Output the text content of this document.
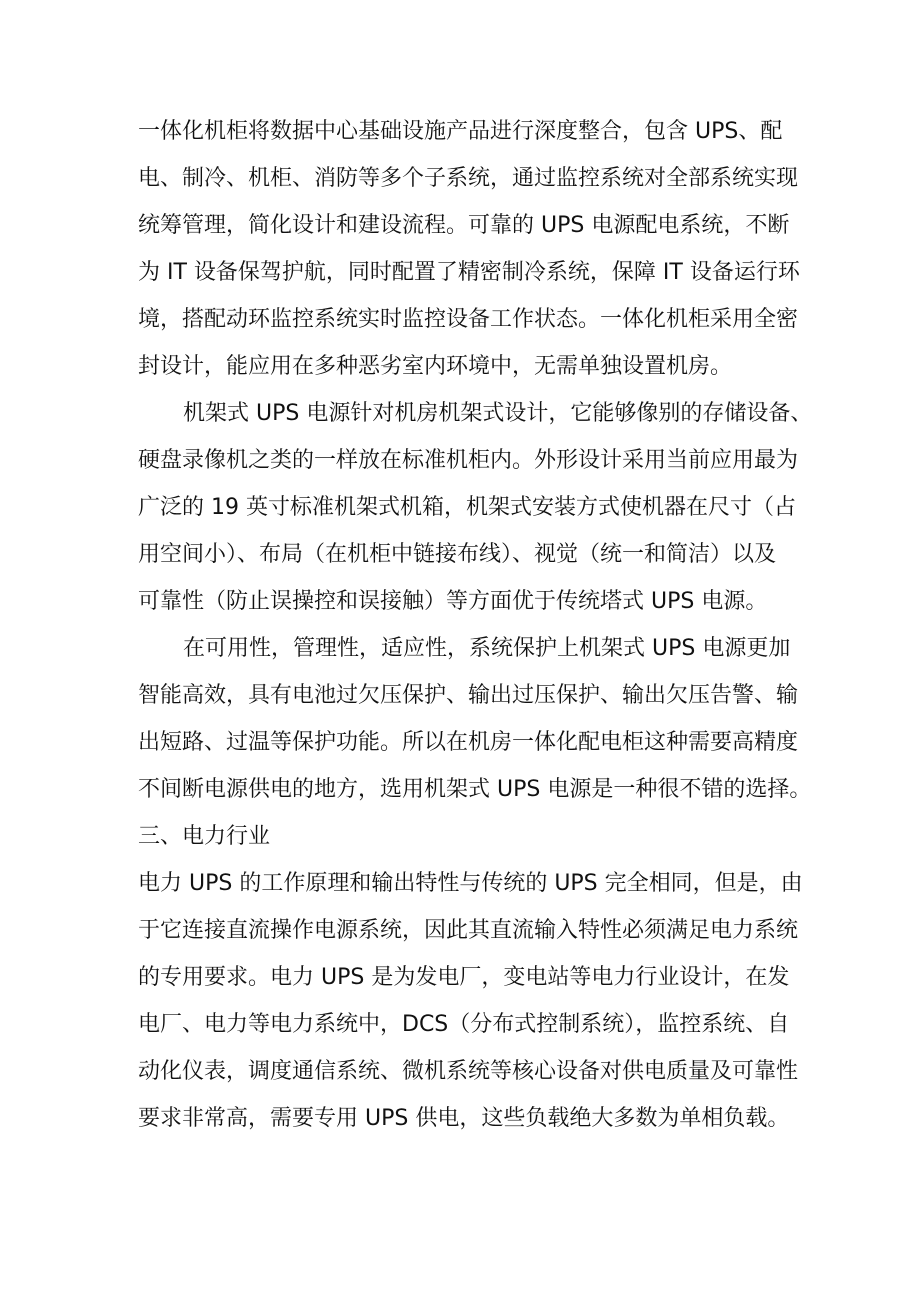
一体化机柜将数据中心基础设施产品进行深度整合，包含 UPS、配
电、制冷、机柜、消防等多个子系统，通过监控系统对全部系统实现
统筹管理，简化设计和建设流程。可靠的 UPS 电源配电系统，不断
为 IT 设备保驾护航，同时配置了精密制冷系统，保障 IT 设备运行环
境，搭配动环监控系统实时监控设备工作状态。一体化机柜采用全密
封设计，能应用在多种恶劣室内环境中，无需单独设置机房。
机架式 UPS 电源针对机房机架式设计，它能够像别的存储设备、
硬盘录像机之类的一样放在标准机柜内。外形设计采用当前应用最为
广泛的 19 英寸标准机架式机箱，机架式安装方式使机器在尺寸（占
用空间小）、布局（在机柜中链接布线）、视觉（统一和简洁）以及
可靠性（防止误操控和误接触）等方面优于传统塔式 UPS 电源。
在可用性，管理性，适应性，系统保护上机架式 UPS 电源更加
智能高效，具有电池过欠压保护、输出过压保护、输出欠压告警、输
出短路、过温等保护功能。所以在机房一体化配电柜这种需要高精度
不间断电源供电的地方，选用机架式 UPS 电源是一种很不错的选择。
三、电力行业
电力 UPS 的工作原理和输出特性与传统的 UPS 完全相同，但是，由
于它连接直流操作电源系统，因此其直流输入特性必须满足电力系统
的专用要求。电力 UPS 是为发电厂，变电站等电力行业设计，在发
电厂、电力等电力系统中，DCS（分布式控制系统），监控系统、自
动化仪表，调度通信系统、微机系统等核心设备对供电质量及可靠性
要求非常高，需要专用 UPS 供电，这些负载绝大多数为单相负载。
